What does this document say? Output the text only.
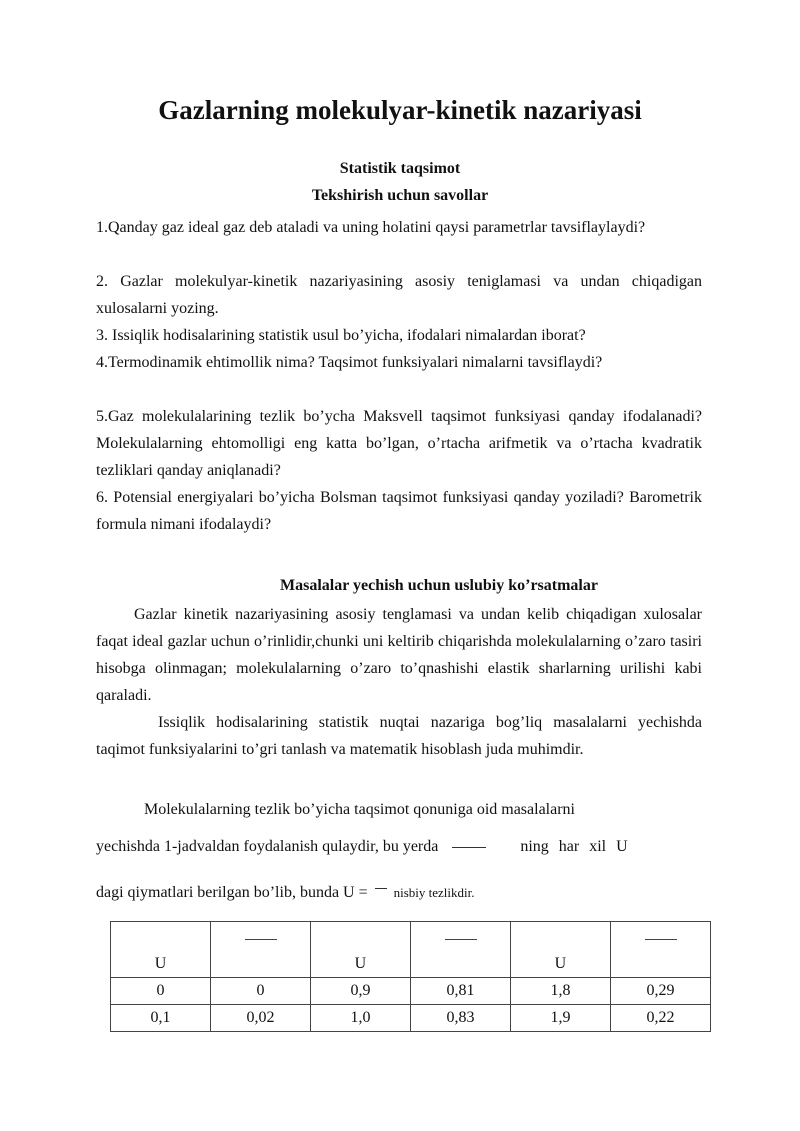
Gazlarning molekulyar-kinetik nazariyasi
Statistik taqsimot
Tekshirish uchun savollar

1.Qanday gaz ideal gaz deb ataladi va uning holatini qaysi parametrlar tavsiflaylaydi?

2. Gazlar molekulyar-kinetik nazariyasining asosiy teniglamasi va undan chiqadigan xulosalarni yozing.

3. Issiqlik hodisalarining statistik usul bo’yicha, ifodalari nimalardan iborat?

4.Termodinamik ehtimollik nima? Taqsimot funksiyalari nimalarni tavsiflaydi?

5.Gaz molekulalarining tezlik bo’ycha Maksvell taqsimot funksiyasi qanday ifodalanadi? Molekulalarning ehtomolligi eng katta bo’lgan, o’rtacha arifmetik va o’rtacha kvadratik tezliklari qanday aniqlanadi?

6. Potensial energiyalari bo’yicha Bolsman taqsimot funksiyasi qanday yoziladi? Barometrik formula nimani ifodalaydi?

Masalalar yechish uchun uslubiy ko’rsatmalar

Gazlar kinetik nazariyasining asosiy tenglamasi va undan kelib chiqadigan xulosalar faqat ideal gazlar uchun o’rinlidir,chunki uni keltirib chiqarishda molekulalarning o’zaro tasiri hisobga olinmagan; molekulalarning o’zaro to’qnashishi elastik sharlarning urilishi kabi qaraladi.

Issiqlik hodisalarining statistik nuqtai nazariga bog’liq masalalarni yechishda taqimot funksiyalarini to’gri tanlash va matematik hisoblash juda muhimdir.

Molekulalarning tezlik bo’yicha taqsimot qonuniga oid masalalarni

yechishda 1-jadvaldan foydalanish qulaydir, bu yerda	ning har xil U
dagi qiymatlari berilgan bo’lib, bunda U = nisbiy tezlikdir.
U		U		U	

0	0	0,9	0,81	1,8	0,29
0,1	0,02	1,0	0,83	1,9	0,22
